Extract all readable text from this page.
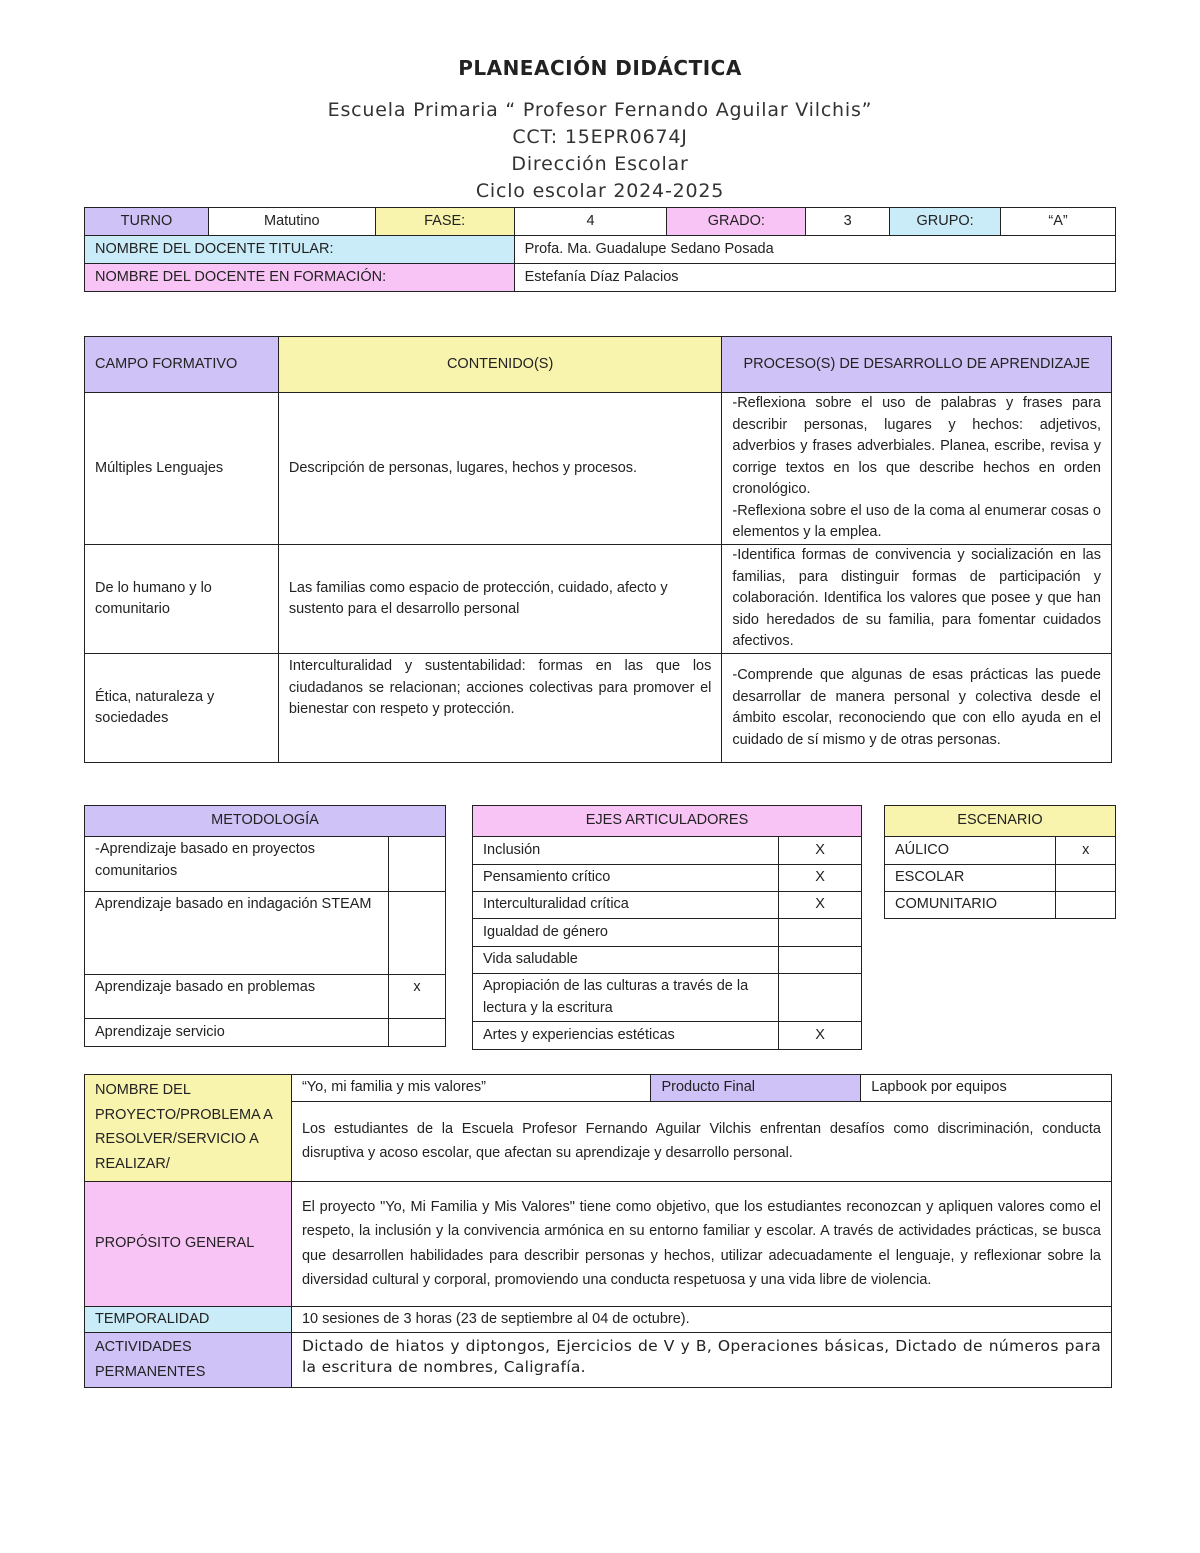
PLANEACIÓN DIDÁCTICA
Escuela Primaria “ Profesor Fernando Aguilar Vilchis”
CCT: 15EPR0674J
Dirección Escolar
Ciclo escolar 2024-2025
TURNO	Matutino	FASE:	4	GRADO:	3	GRUPO:	“A”
NOMBRE DEL DOCENTE TITULAR:			Profa. Ma. Guadalupe Sedano Posada				
NOMBRE DEL DOCENTE EN FORMACIÓN:			Estefanía Díaz Palacios				
CAMPO FORMATIVO	CONTENIDO(S)	PROCESO(S) DE DESARROLLO DE APRENDIZAJE
Múltiples Lenguajes	Descripción de personas, lugares, hechos y procesos.	-Reflexiona sobre el uso de palabras y frases para describir personas, lugares y hechos: adjetivos, adverbios y frases adverbiales. Planea, escribe, revisa y corrige textos en los que describe hechos en orden cronológico.
-Reflexiona sobre el uso de la coma al enumerar cosas o elementos y la emplea.

De lo humano y lo comunitario	Las familias como espacio de protección, cuidado, afecto y sustento para el desarrollo personal	-Identifica formas de convivencia y socialización en las familias, para distinguir formas de participación y colaboración. Identifica los valores que posee y que han sido heredados de su familia, para fomentar cuidados afectivos.
Ética, naturaleza y sociedades	Interculturalidad y sustentabilidad: formas en las que los ciudadanos se relacionan; acciones colectivas para promover el bienestar con respeto y protección.	-Comprende que algunas de esas prácticas las puede desarrollar de manera personal y colectiva desde el ámbito escolar, reconociendo que con ello ayuda en el cuidado de sí mismo y de otras personas.
METODOLOGÍA	
-Aprendizaje basado en proyectos comunitarios	
Aprendizaje basado en indagación STEAM	
Aprendizaje basado en problemas	x
Aprendizaje servicio	
EJES ARTICULADORES	
Inclusión	X
Pensamiento crítico	X
Interculturalidad crítica	X
Igualdad de género	
Vida saludable	
Apropiación de las culturas a través de la lectura y la escritura	
Artes y experiencias estéticas	X
ESCENARIO	
AÚLICO	x
ESCOLAR	
COMUNITARIO	
NOMBRE DEL PROYECTO/PROBLEMA A RESOLVER/SERVICIO A REALIZAR/	“Yo, mi familia y mis valores”	Producto Final	Lapbook por equipos
	Los estudiantes de la Escuela Profesor Fernando Aguilar Vilchis enfrentan desafíos como discriminación, conducta disruptiva y acoso escolar, que afectan su aprendizaje y desarrollo personal.		
PROPÓSITO GENERAL	El proyecto "Yo, Mi Familia y Mis Valores" tiene como objetivo, que los estudiantes reconozcan y apliquen valores como el respeto, la inclusión y la convivencia armónica en su entorno familiar y escolar. A través de actividades prácticas, se busca que desarrollen habilidades para describir personas y hechos, utilizar adecuadamente el lenguaje, y reflexionar sobre la diversidad cultural y corporal, promoviendo una conducta respetuosa y una vida libre de violencia.		
TEMPORALIDAD	10 sesiones de 3 horas (23 de septiembre al 04 de octubre).		
ACTIVIDADES PERMANENTES	Dictado de hiatos y diptongos, Ejercicios de V y B, Operaciones básicas, Dictado de números para la escritura de nombres, Caligrafía.		
